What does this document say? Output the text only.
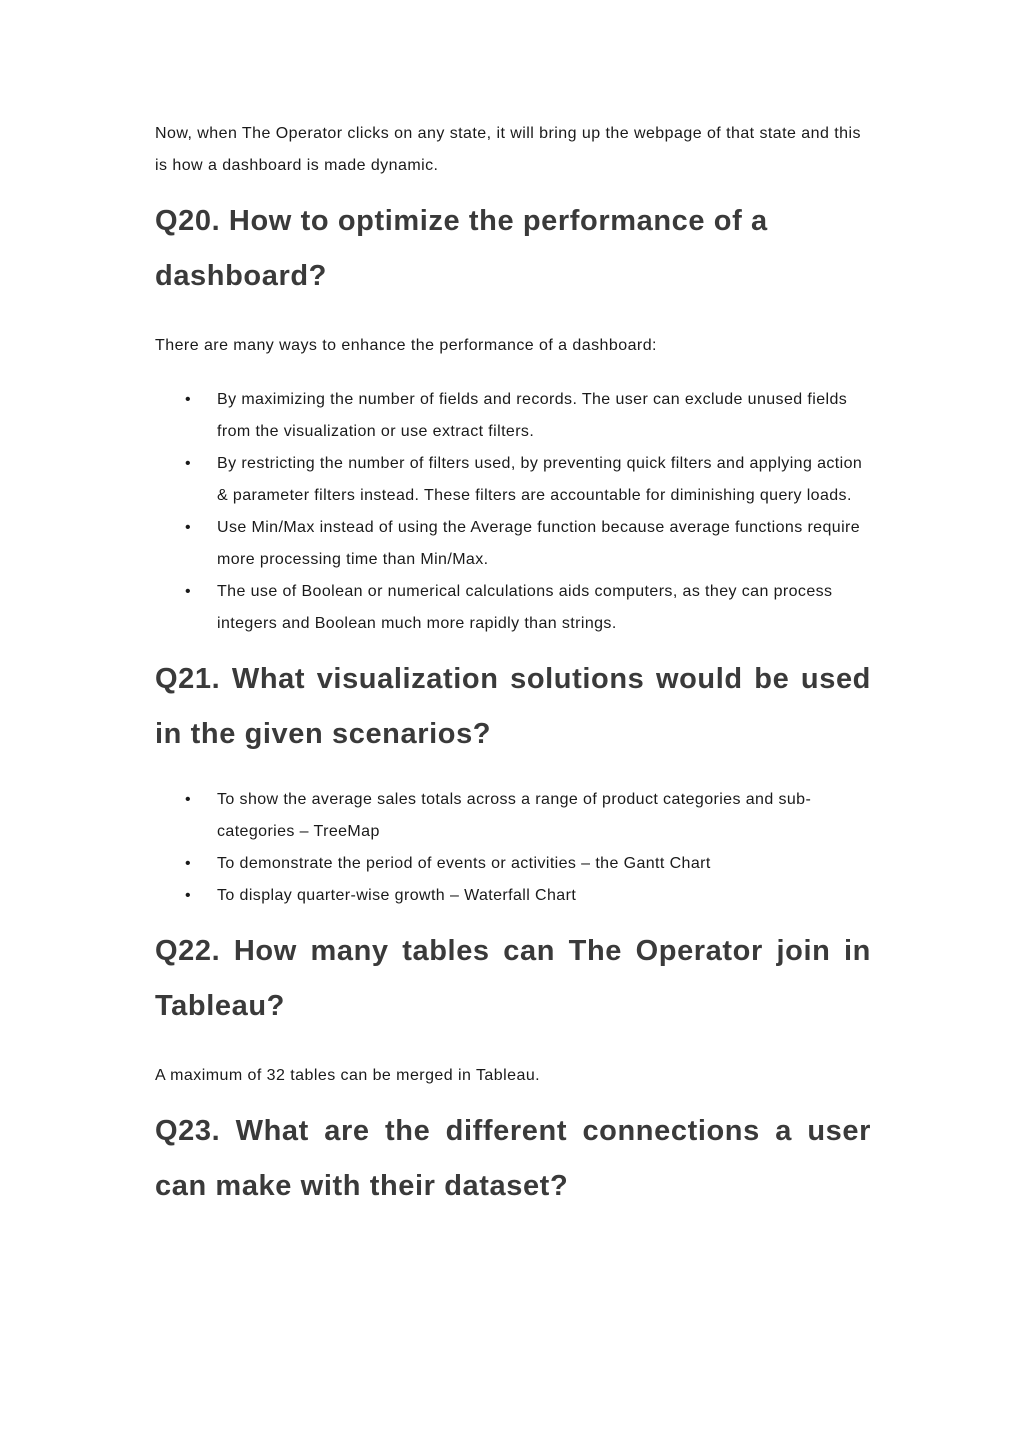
Now, when The Operator clicks on any state, it will bring up the webpage of that state and this is how a dashboard is made dynamic.

Q20. How to optimize the performance of a dashboard?

There are many ways to enhance the performance of a dashboard:

• By maximizing the number of fields and records. The user can exclude unused fields from the visualization or use extract filters.
• By restricting the number of filters used, by preventing quick filters and applying action & parameter filters instead. These filters are accountable for diminishing query loads.
• Use Min/Max instead of using the Average function because average functions require more processing time than Min/Max.
• The use of Boolean or numerical calculations aids computers, as they can process integers and Boolean much more rapidly than strings.
Q21. What visualization solutions would be used in the given scenarios?
• To show the average sales totals across a range of product categories and sub-categories – TreeMap
• To demonstrate the period of events or activities – the Gantt Chart
• To display quarter-wise growth – Waterfall Chart
Q22. How many tables can The Operator join in Tableau?

A maximum of 32 tables can be merged in Tableau.

Q23. What are the different connections a user can make with their dataset?
